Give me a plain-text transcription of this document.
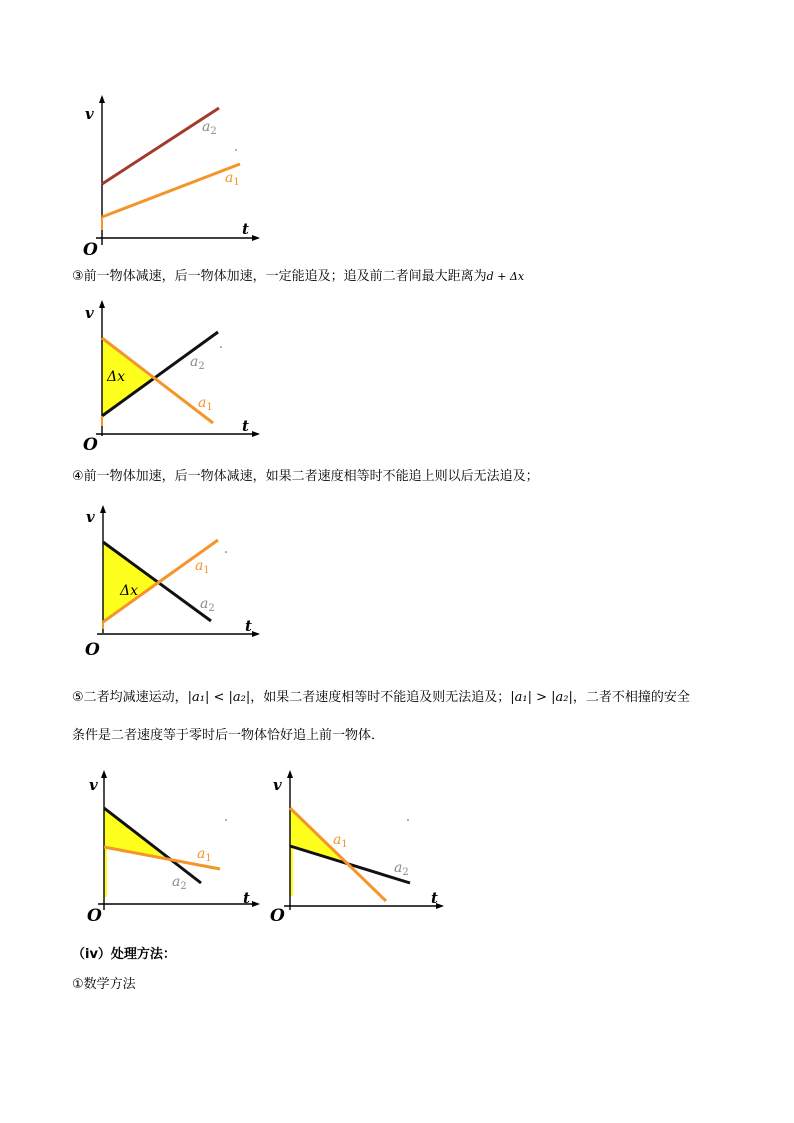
v
t
O
$a_2$
$a_1$
③前一物体减速，后一物体加速，一定能追及；追及前二者间最大距离为d + Δx
v
t
O
Δx
$a_2$
$a_1$
④前一物体加速，后一物体减速，如果二者速度相等时不能追上则以后无法追及；
v
t
O
Δx
$a_1$
$a_2$
⑤二者均减速运动，|a₁| < |a₂|，如果二者速度相等时不能追及则无法追及；|a₁| > |a₂|，二者不相撞的安全
条件是二者速度等于零时后一物体恰好追上前一物体．
v
t
O
$a_1$
$a_2$
v
t
O
$a_1$
$a_2$
（iv）处理方法：
①数学方法
